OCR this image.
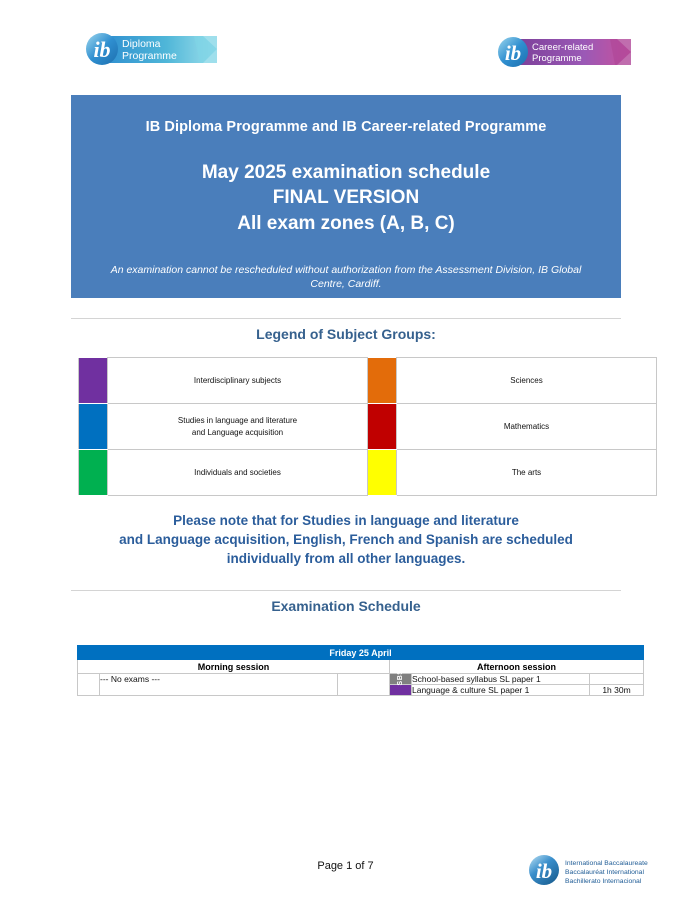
ib Diploma
Programme	ib Career-related
Programme
IB Diploma Programme and IB Career-related Programme
May 2025 examination schedule
FINAL VERSION
All exam zones (A, B, C)
An examination cannot be rescheduled without authorization from the Assessment Division, IB Global Centre, Cardiff.
Legend of Subject Groups:
	Interdisciplinary subjects		Sciences
	Studies in language and literature
and Language acquisition		Mathematics
	Individuals and societies		The arts
Please note that for Studies in language and literature
and Language acquisition, English, French and Spanish are scheduled
individually from all other languages.
Examination Schedule
Friday 25 April					
Morning session			Afternoon session		
	--- No exams ---		SBS	School-based syllabus SL paper 1	
				Language & culture SL paper 1	1h 30m
Page 1 of 7	ib International Baccalaureate
Baccalauréat International
Bachillerato Internacional
